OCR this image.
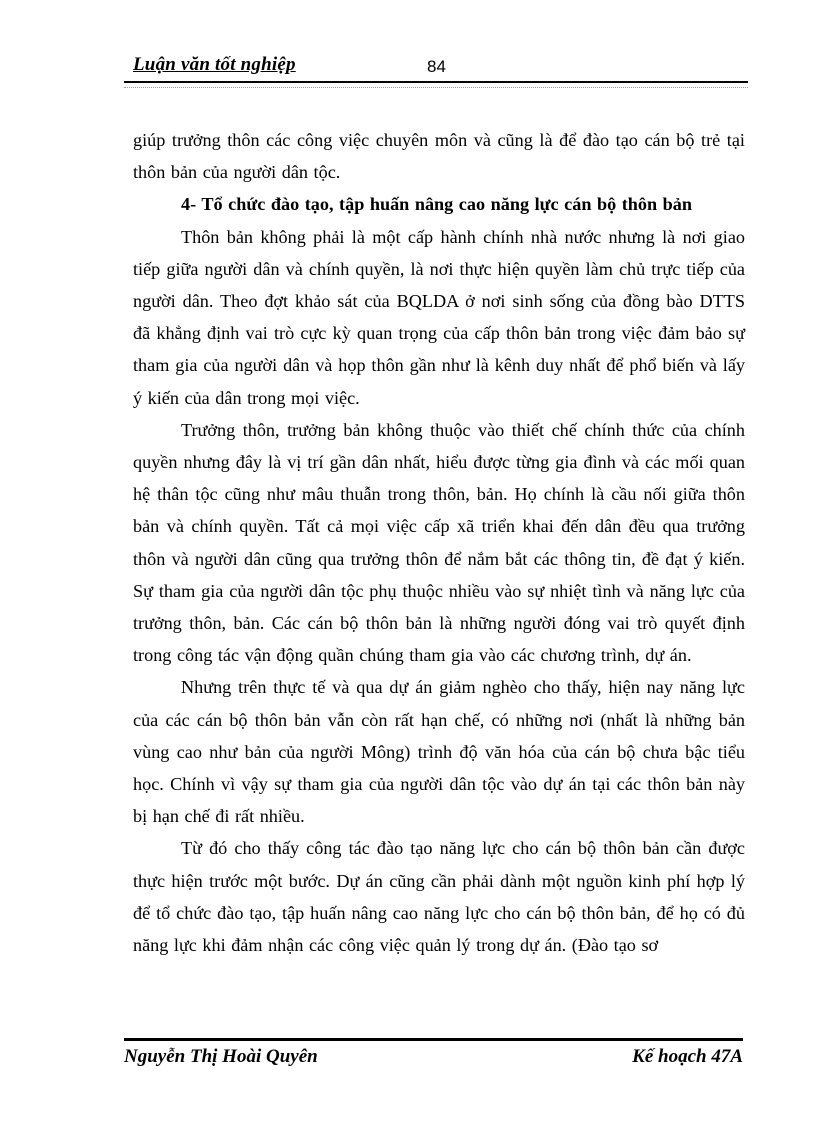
Luận văn tốt nghiệp	84

giúp trưởng thôn các công việc chuyên môn và cũng là để đào tạo cán bộ trẻ tại thôn bản của người dân tộc.

4- Tổ chức đào tạo, tập huấn nâng cao năng lực cán bộ thôn bản

Thôn bản không phải là một cấp hành chính nhà nước nhưng là nơi giao tiếp giữa người dân và chính quyền, là nơi thực hiện quyền làm chủ trực tiếp của người dân. Theo đợt khảo sát của BQLDA ở nơi sinh sống của đồng bào DTTS đã khẳng định vai trò cực kỳ quan trọng của cấp thôn bản trong việc đảm bảo sự tham gia của người dân và họp thôn gần như là kênh duy nhất để phổ biến và lấy ý kiến của dân trong mọi việc.

Trưởng thôn, trưởng bản không thuộc vào thiết chế chính thức của chính quyền nhưng đây là vị trí gần dân nhất, hiểu được từng gia đình và các mối quan hệ thân tộc cũng như mâu thuẫn trong thôn, bản. Họ chính là cầu nối giữa thôn bản và chính quyền. Tất cả mọi việc cấp xã triển khai đến dân đều qua trưởng thôn và người dân cũng qua trưởng thôn để nắm bắt các thông tin, đề đạt ý kiến. Sự tham gia của người dân tộc phụ thuộc nhiều vào sự nhiệt tình và năng lực của trưởng thôn, bản. Các cán bộ thôn bản là những người đóng vai trò quyết định trong công tác vận động quần chúng tham gia vào các chương trình, dự án.

Nhưng trên thực tế và qua dự án giảm nghèo cho thấy, hiện nay năng lực của các cán bộ thôn bản vẫn còn rất hạn chế, có những nơi (nhất là những bản vùng cao như bản của người Mông) trình độ văn hóa của cán bộ chưa bậc tiểu học. Chính vì vậy sự tham gia của người dân tộc vào dự án tại các thôn bản này bị hạn chế đi rất nhiều.

Từ đó cho thấy công tác đào tạo năng lực cho cán bộ thôn bản cần được thực hiện trước một bước. Dự án cũng cần phải dành một nguồn kinh phí hợp lý để tổ chức đào tạo, tập huấn nâng cao năng lực cho cán bộ thôn bản, để họ có đủ năng lực khi đảm nhận các công việc quản lý trong dự án. (Đào tạo sơ

Nguyễn Thị Hoài Quyên	Kế hoạch 47A
